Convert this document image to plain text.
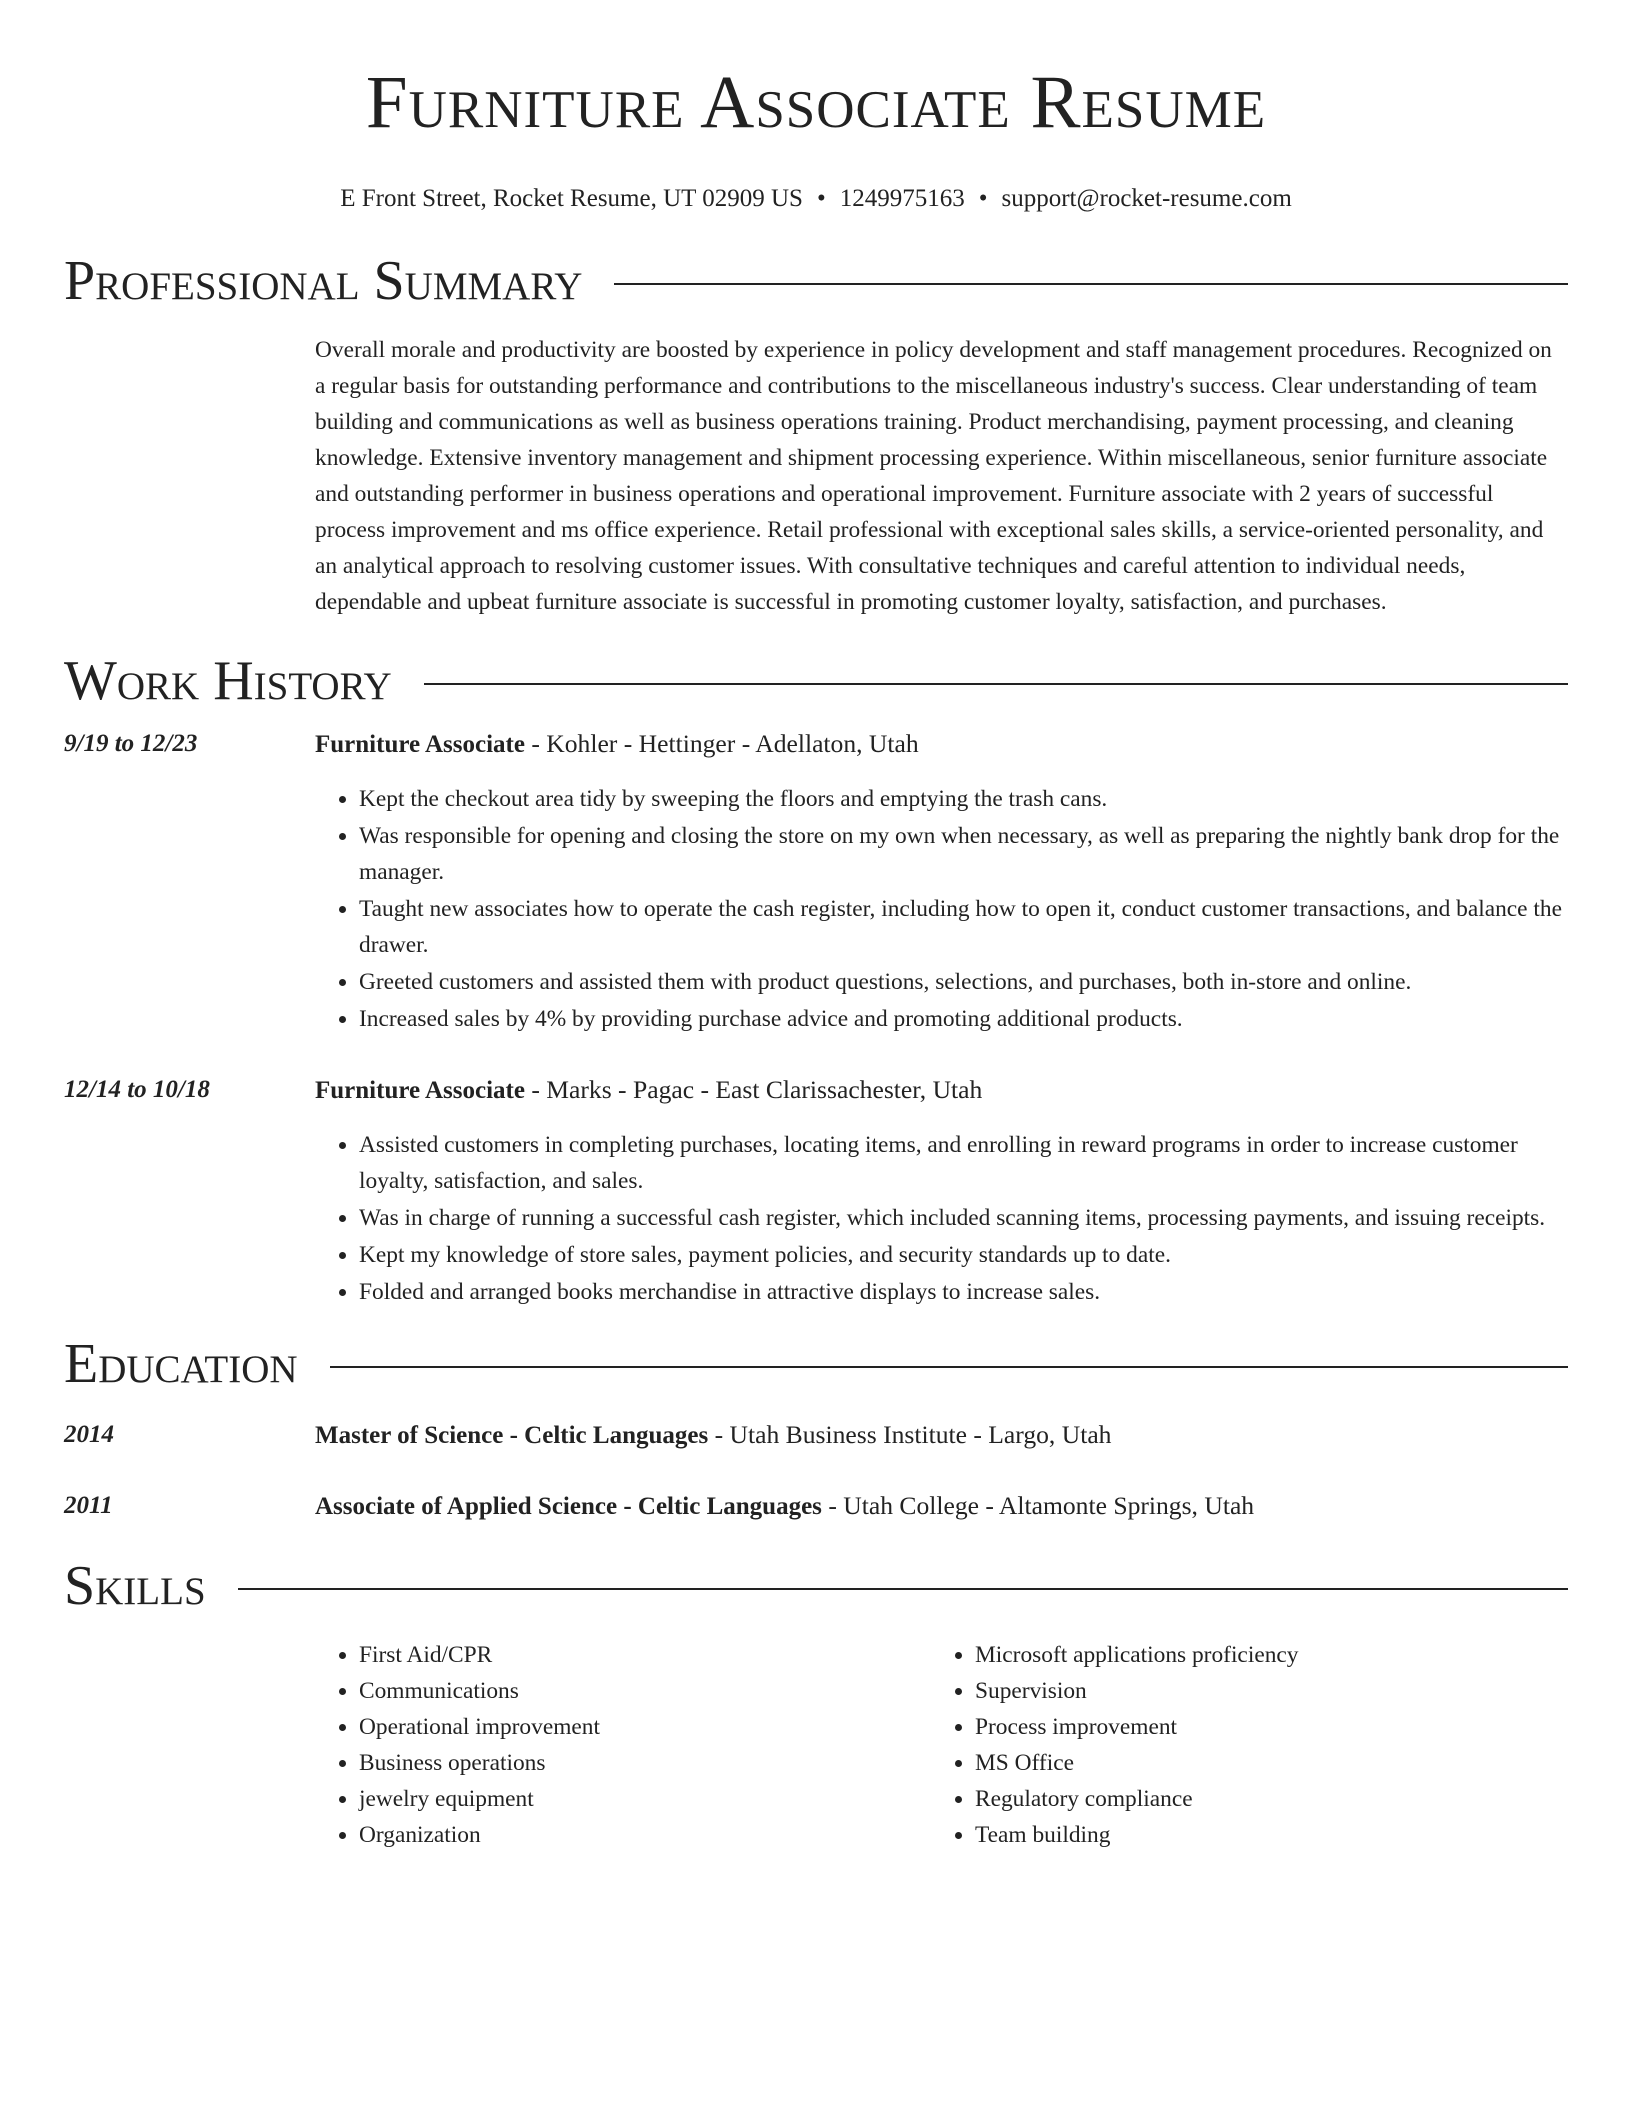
Furniture Associate Resume
E Front Street, Rocket Resume, UT 02909 US • 1249975163 • support@rocket-resume.com
Professional Summary
Overall morale and productivity are boosted by experience in policy development and staff management procedures. Recognized on a regular basis for outstanding performance and contributions to the miscellaneous industry's success. Clear understanding of team building and communications as well as business operations training. Product merchandising, payment processing, and cleaning knowledge. Extensive inventory management and shipment processing experience. Within miscellaneous, senior furniture associate and outstanding performer in business operations and operational improvement. Furniture associate with 2 years of successful process improvement and ms office experience. Retail professional with exceptional sales skills, a service-oriented personality, and an analytical approach to resolving customer issues. With consultative techniques and careful attention to individual needs, dependable and upbeat furniture associate is successful in promoting customer loyalty, satisfaction, and purchases.
Work History
9/19 to 12/23	Furniture Associate - Kohler - Hettinger - Adellaton, Utah
• Kept the checkout area tidy by sweeping the floors and emptying the trash cans.
• Was responsible for opening and closing the store on my own when necessary, as well as preparing the nightly bank drop for the manager.
• Taught new associates how to operate the cash register, including how to open it, conduct customer transactions, and balance the drawer.
• Greeted customers and assisted them with product questions, selections, and purchases, both in-store and online.
• Increased sales by 4% by providing purchase advice and promoting additional products.
12/14 to 10/18	Furniture Associate - Marks - Pagac - East Clarissachester, Utah
• Assisted customers in completing purchases, locating items, and enrolling in reward programs in order to increase customer loyalty, satisfaction, and sales.
• Was in charge of running a successful cash register, which included scanning items, processing payments, and issuing receipts.
• Kept my knowledge of store sales, payment policies, and security standards up to date.
• Folded and arranged books merchandise in attractive displays to increase sales.
Education
2014	Master of Science - Celtic Languages - Utah Business Institute - Largo, Utah
2011	Associate of Applied Science - Celtic Languages - Utah College - Altamonte Springs, Utah
Skills
• First Aid/CPR
• Communications
• Operational improvement
• Business operations
• jewelry equipment
• Organization
• Microsoft applications proficiency
• Supervision
• Process improvement
• MS Office
• Regulatory compliance
• Team building
